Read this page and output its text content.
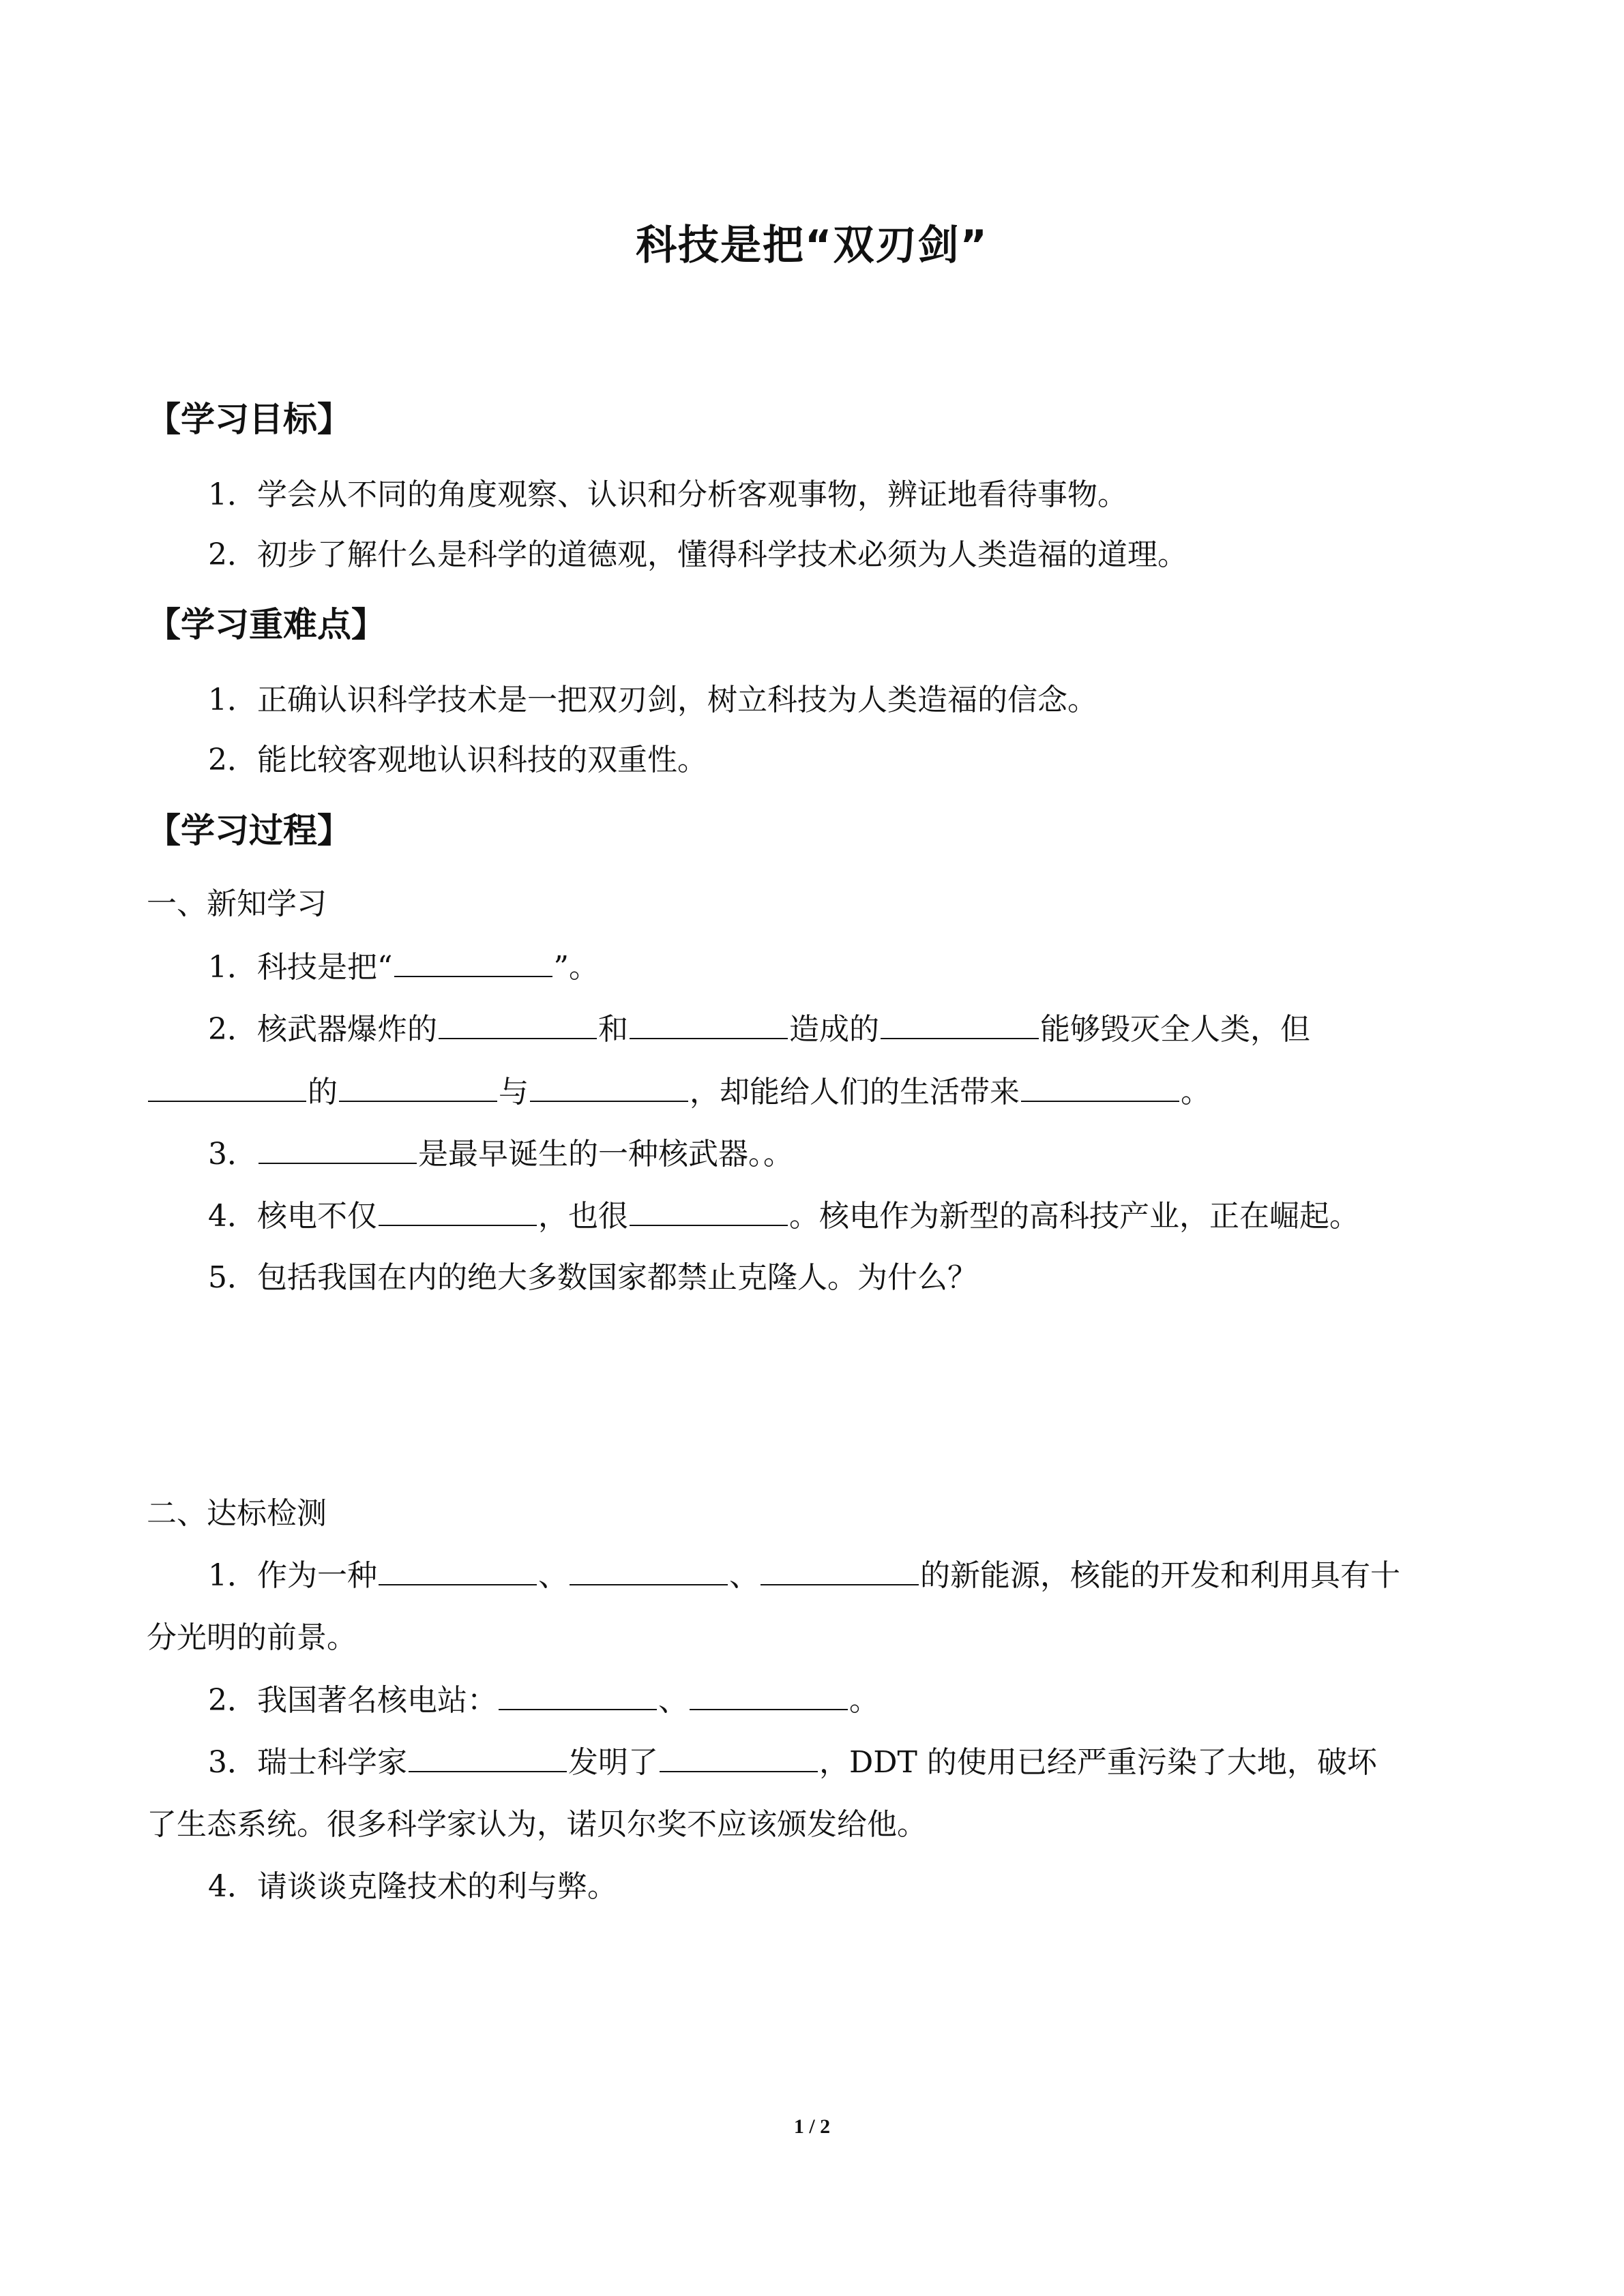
科技是把“双刃剑”
【学习目标】
1．学会从不同的角度观察、认识和分析客观事物，辨证地看待事物。
2．初步了解什么是科学的道德观，懂得科学技术必须为人类造福的道理。
【学习重难点】
1．正确认识科学技术是一把双刃剑，树立科技为人类造福的信念。
2．能比较客观地认识科技的双重性。
【学习过程】
一、新知学习
1．科技是把“	”。
2．核武器爆炸的	和	造成的	能够毁灭全人类，但
的	与	，却能给人们的生活带来	。
3．	是最早诞生的一种核武器。。
4．核电不仅	，也很	。核电作为新型的高科技产业，正在崛起。
5．包括我国在内的绝大多数国家都禁止克隆人。为什么？
二、达标检测
1．作为一种	、	、	的新能源，核能的开发和利用具有十
分光明的前景。
2．我国著名核电站：	、	。
3．瑞士科学家	发明了	，DDT 的使用已经严重污染了大地，破坏
了生态系统。很多科学家认为，诺贝尔奖不应该颁发给他。
4．请谈谈克隆技术的利与弊。
1 / 2
